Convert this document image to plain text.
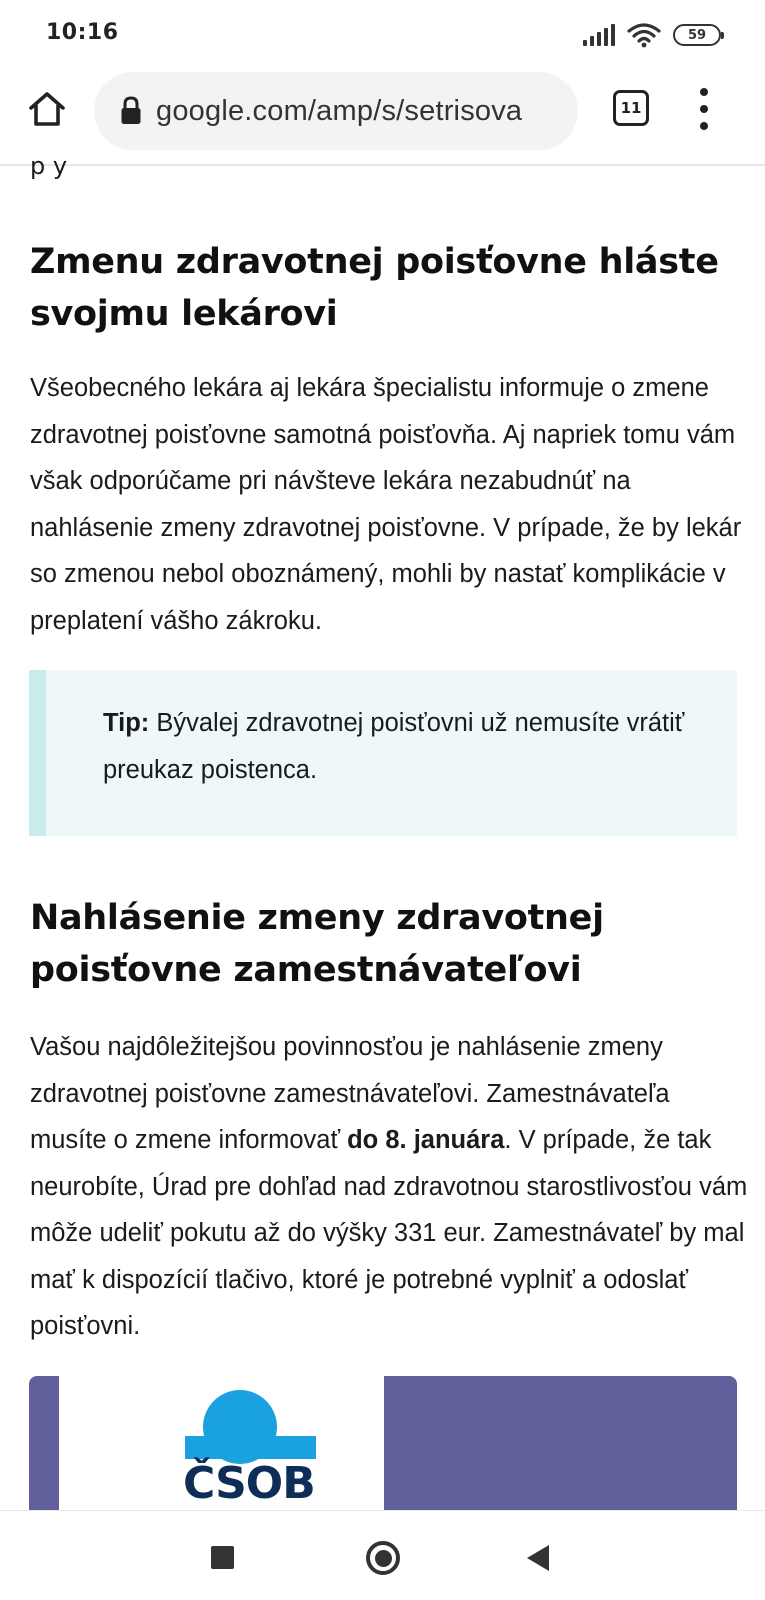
10:16	59
google.com/amp/s/setrisova	11
p y
Zmenu zdravotnej poisťovne hláste svojmu lekárovi

Všeobecného lekára aj lekára špecialistu informuje o zmene zdravotnej poisťovne samotná poisťovňa. Aj napriek tomu vám však odporúčame pri návšteve lekára nezabudnúť na nahlásenie zmeny zdravotnej poisťovne. V prípade, že by lekár so zmenou nebol oboznámený, mohli by nastať komplikácie v preplatení vášho zákroku.

Tip: Bývalej zdravotnej poisťovni už nemusíte vrátiť preukaz poistenca.

Nahlásenie zmeny zdravotnej poisťovne zamestnávateľovi

Vašou najdôležitejšou povinnosťou je nahlásenie zmeny zdravotnej poisťovne zamestnávateľovi. Zamestnávateľa musíte o zmene informovať do 8. januára. V prípade, že tak neurobíte, Úrad pre dohľad nad zdravotnou starostlivosťou vám môže udeliť pokutu až do výšky 331 eur. Zamestnávateľ by mal mať k dispozícií tlačivo, ktoré je potrebné vyplniť a odoslať poisťovni.

ČSOB
